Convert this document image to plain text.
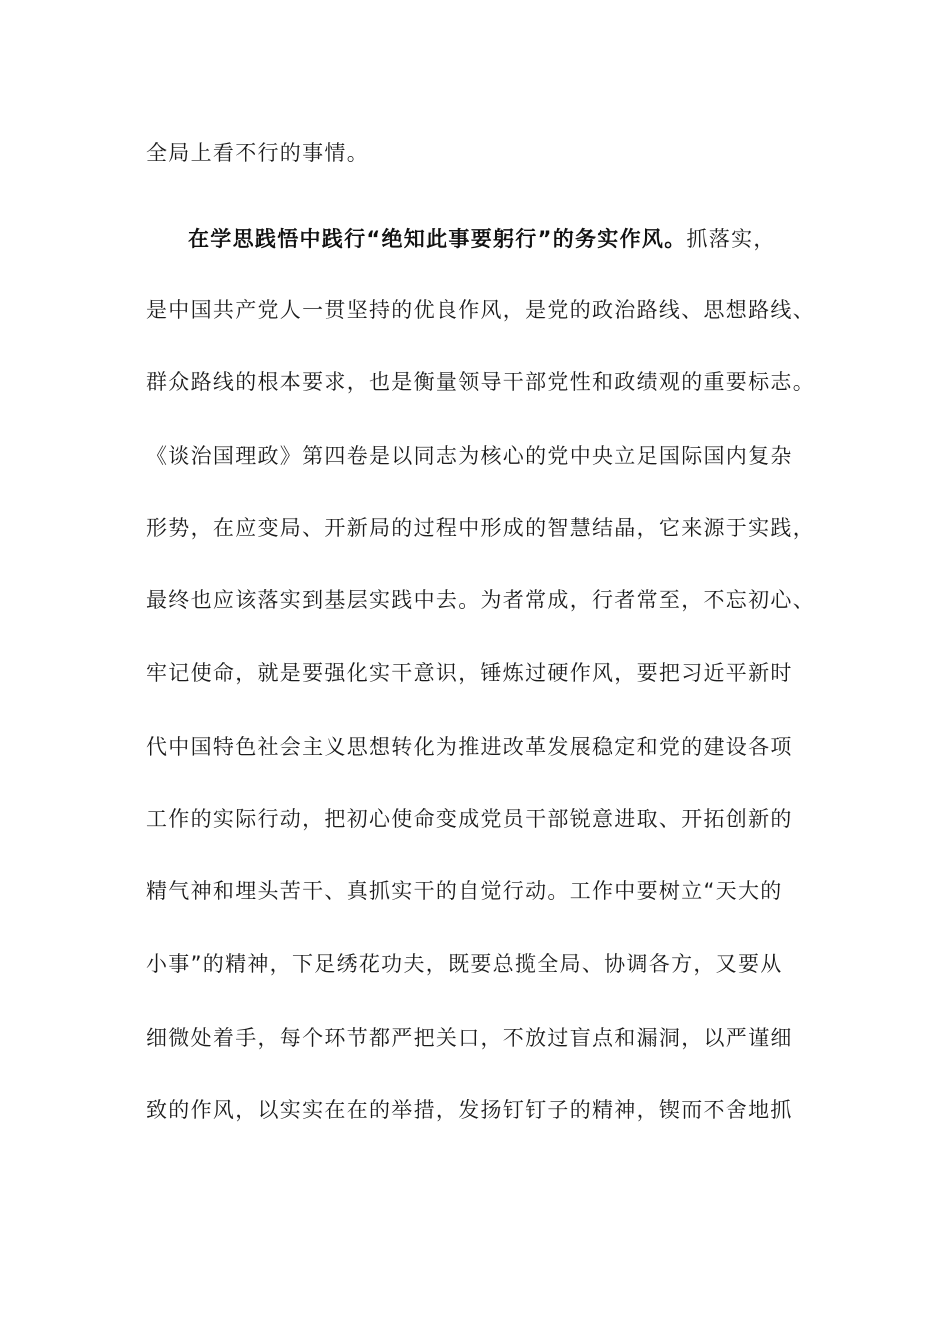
全局上看不行的事情。
在学思践悟中践行“绝知此事要躬行”的务实作风。抓落实，
是中国共产党人一贯坚持的优良作风，是党的政治路线、思想路线、
群众路线的根本要求，也是衡量领导干部党性和政绩观的重要标志。
《谈治国理政》第四卷是以同志为核心的党中央立足国际国内复杂
形势，在应变局、开新局的过程中形成的智慧结晶，它来源于实践，
最终也应该落实到基层实践中去。为者常成，行者常至，不忘初心、
牢记使命，就是要强化实干意识，锤炼过硬作风，要把习近平新时
代中国特色社会主义思想转化为推进改革发展稳定和党的建设各项
工作的实际行动，把初心使命变成党员干部锐意进取、开拓创新的
精气神和埋头苦干、真抓实干的自觉行动。工作中要树立“天大的
小事”的精神，下足绣花功夫，既要总揽全局、协调各方，又要从
细微处着手，每个环节都严把关口，不放过盲点和漏洞，以严谨细
致的作风，以实实在在的举措，发扬钉钉子的精神，锲而不舍地抓
